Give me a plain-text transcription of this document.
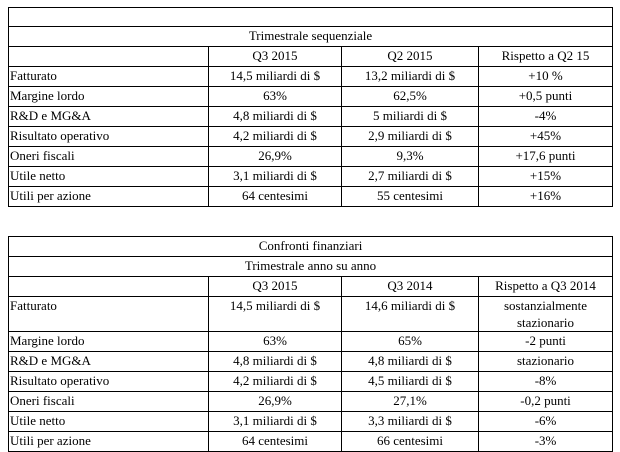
Trimestrale sequenziale			
	Q3 2015	Q2 2015	Rispetto a Q2 15
Fatturato	14,5 miliardi di $	13,2 miliardi di $	+10 %
Margine lordo	63%	62,5%	+0,5 punti
R&D e MG&A	4,8 miliardi di $	5 miliardi di $	-4%
Risultato operativo	4,2 miliardi di $	2,9 miliardi di $	+45%
Oneri fiscali	26,9%	9,3%	+17,6 punti
Utile netto	3,1 miliardi di $	2,7 miliardi di $	+15%
Utili per azione	64 centesimi	55 centesimi	+16%
Confronti finanziari			
Trimestrale anno su anno			
	Q3 2015	Q3 2014	Rispetto a Q3 2014
Fatturato	14,5 miliardi di $	14,6 miliardi di $	sostanzialmente stazionario
Margine lordo	63%	65%	-2 punti
R&D e MG&A	4,8 miliardi di $	4,8 miliardi di $	stazionario
Risultato operativo	4,2 miliardi di $	4,5 miliardi di $	-8%
Oneri fiscali	26,9%	27,1%	-0,2 punti
Utile netto	3,1 miliardi di $	3,3 miliardi di $	-6%
Utili per azione	64 centesimi	66 centesimi	-3%
